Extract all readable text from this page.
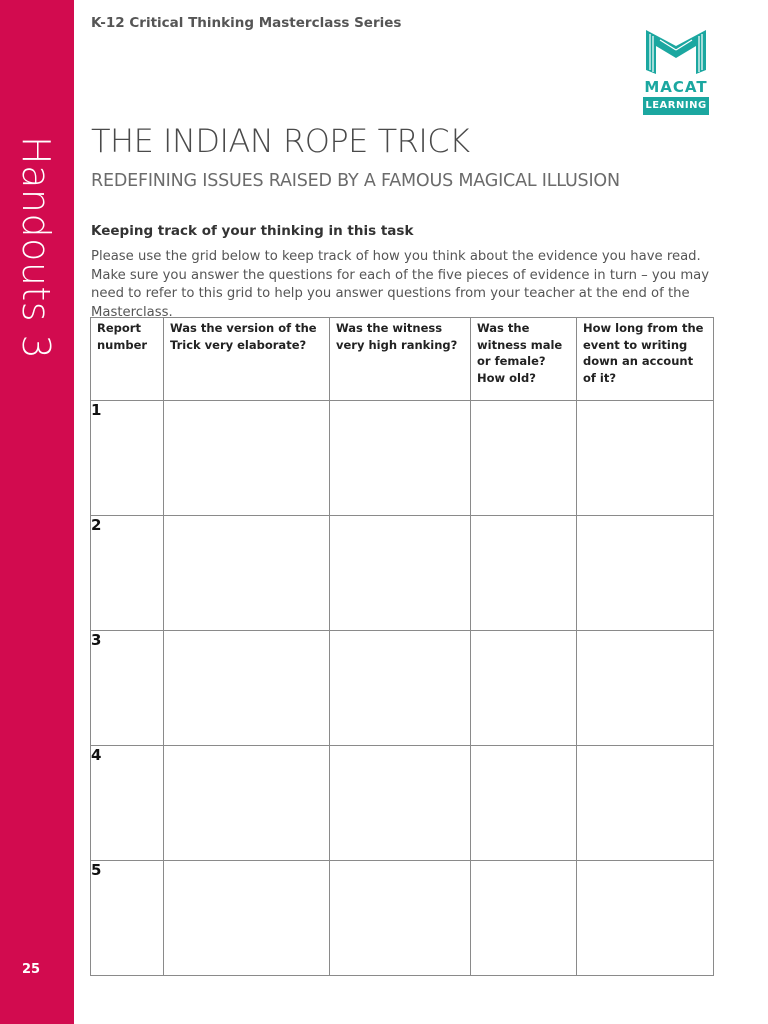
Handouts 3
25
K-12 Critical Thinking Masterclass Series
MACAT
LEARNING
THE INDIAN ROPE TRICK
REDEFINING ISSUES RAISED BY A FAMOUS MAGICAL ILLUSION
Keeping track of your thinking in this task
Please use the grid below to keep track of how you think about the evidence you have read. Make sure you answer the questions for each of the five pieces of evidence in turn – you may need to refer to this grid to help you answer questions from your teacher at the end of the Masterclass.
Report number	Was the version of the Trick very elaborate?	Was the witness very high ranking?	Was the witness male or female? How old?	How long from the event to writing down an account of it?
1				
2				
3				
4				
5				
